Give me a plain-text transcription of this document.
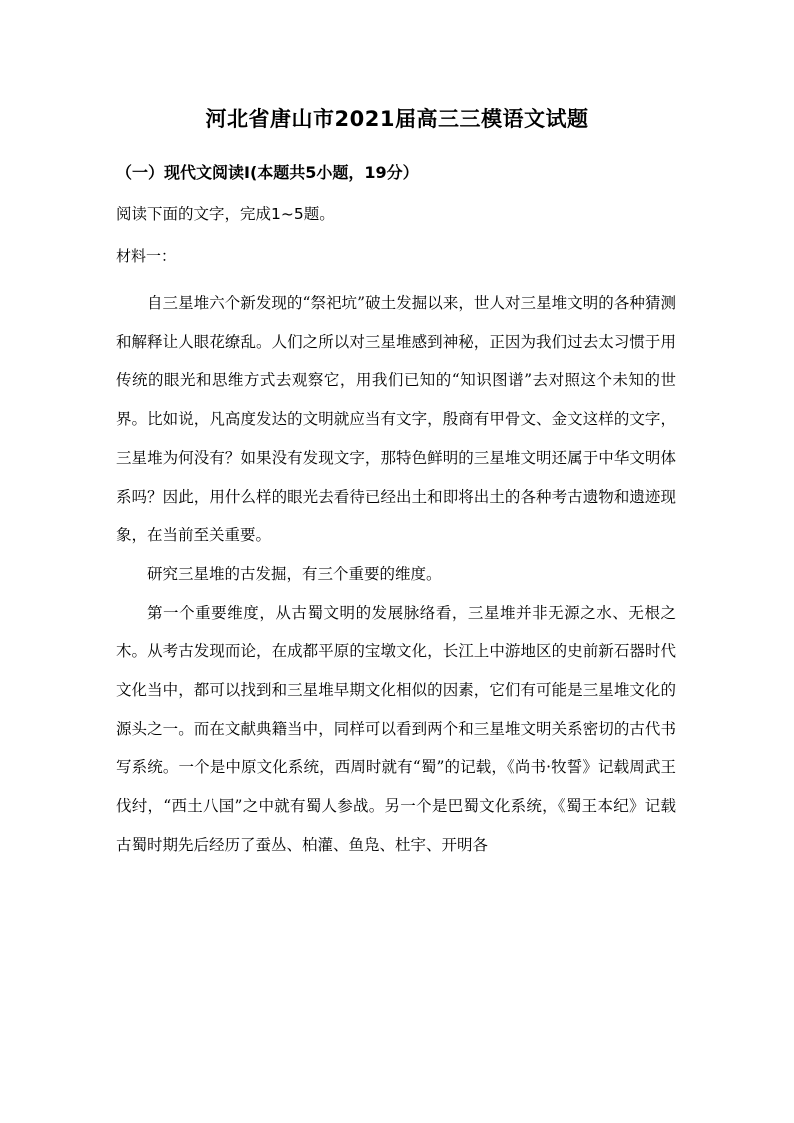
河北省唐山市2021届高三三模语文试题
（一）现代文阅读I(本题共5小题，19分）
阅读下面的文字，完成1~5题。
材料一：

自三星堆六个新发现的“祭祀坑”破土发掘以来，世人对三星堆文明的各种猜测和解释让人眼花缭乱。人们之所以对三星堆感到神秘，正因为我们过去太习惯于用传统的眼光和思维方式去观察它，用我们已知的“知识图谱”去对照这个未知的世界。比如说，凡高度发达的文明就应当有文字，殷商有甲骨文、金文这样的文字，三星堆为何没有？如果没有发现文字，那特色鲜明的三星堆文明还属于中华文明体系吗？因此，用什么样的眼光去看待已经出土和即将出土的各种考古遗物和遗迹现象，在当前至关重要。

研究三星堆的古发掘，有三个重要的维度。

第一个重要维度，从古蜀文明的发展脉络看，三星堆并非无源之水、无根之木。从考古发现而论，在成都平原的宝墩文化，长江上中游地区的史前新石器时代文化当中，都可以找到和三星堆早期文化相似的因素，它们有可能是三星堆文化的源头之一。而在文献典籍当中，同样可以看到两个和三星堆文明关系密切的古代书写系统。一个是中原文化系统，西周时就有“蜀”的记载，《尚书·牧誓》记载周武王伐纣，“西土八国”之中就有蜀人参战。另一个是巴蜀文化系统，《蜀王本纪》记载古蜀时期先后经历了蚕丛、柏灌、鱼凫、杜宇、开明各
